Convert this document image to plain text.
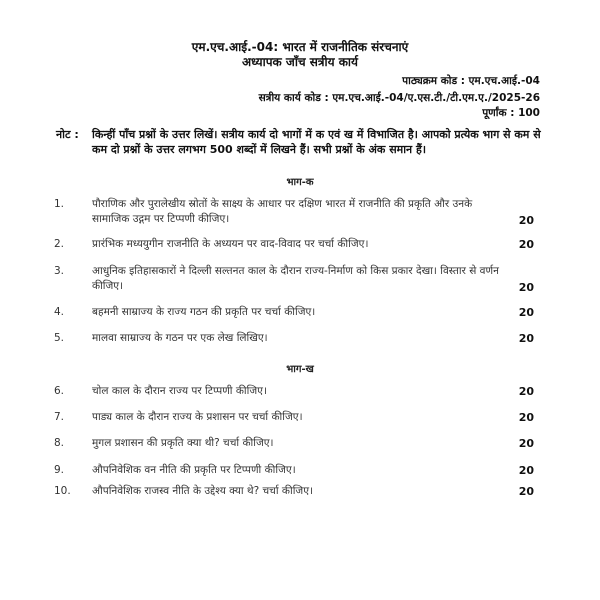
एम.एच.आई.-04: भारत में राजनीतिक संरचनाएं
अध्यापक जाँच सत्रीय कार्य
पाठ्यक्रम कोड : एम.एच.आई.-04
सत्रीय कार्य कोड : एम.एच.आई.-04/ए.एस.टी./टी.एम.ए./2025-26
पूर्णांक : 100
नोट : किन्हीं पाँच प्रश्नों के उत्तर लिखें। सत्रीय कार्य दो भागों में क एवं ख में विभाजित है। आपको प्रत्येक भाग से कम से कम दो प्रश्नों के उत्तर लगभग 500 शब्दों में लिखने हैं। सभी प्रश्नों के अंक समान हैं।
भाग-क
1.	पौराणिक और पुरालेखीय स्रोतों के साक्ष्य के आधार पर दक्षिण भारत में राजनीति की प्रकृति और उनके सामाजिक उद्गम पर टिप्पणी कीजिए।	20
2.	प्रारंभिक मध्ययुगीन राजनीति के अध्ययन पर वाद-विवाद पर चर्चा कीजिए।	20
3.	आधुनिक इतिहासकारों ने दिल्ली सल्तनत काल के दौरान राज्य-निर्माण को किस प्रकार देखा। विस्तार से वर्णन कीजिए।	20
4.	बहमनी साम्राज्य के राज्य गठन की प्रकृति पर चर्चा कीजिए।	20
5.	मालवा साम्राज्य के गठन पर एक लेख लिखिए।	20
भाग-ख
6.	चोल काल के दौरान राज्य पर टिप्पणी कीजिए।	20
7.	पाड्य काल के दौरान राज्य के प्रशासन पर चर्चा कीजिए।	20
8.	मुगल प्रशासन की प्रकृति क्या थी? चर्चा कीजिए।	20
9.	औपनिवेशिक वन नीति की प्रकृति पर टिप्पणी कीजिए।	20
10.	औपनिवेशिक राजस्व नीति के उद्देश्य क्या थे? चर्चा कीजिए।	20
